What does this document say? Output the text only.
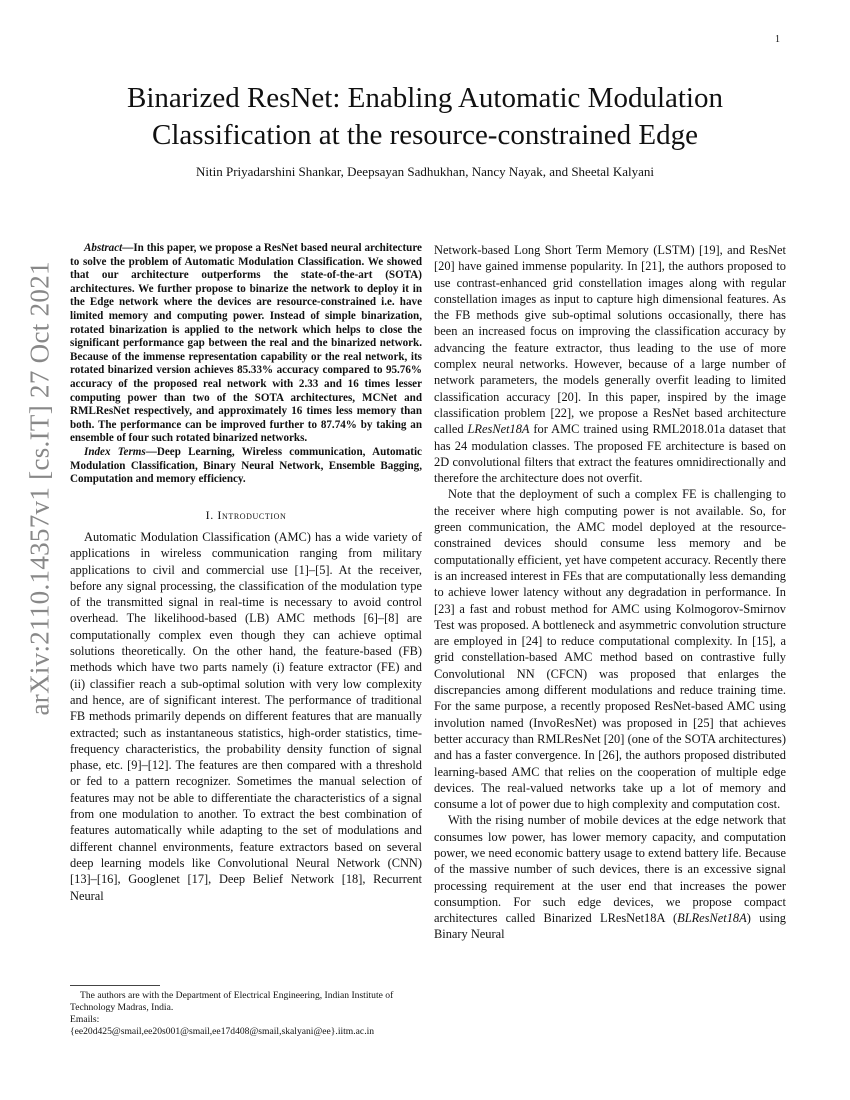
1
arXiv:2110.14357v1 [cs.IT] 27 Oct 2021
Binarized ResNet: Enabling Automatic Modulation Classification at the resource-constrained Edge
Nitin Priyadarshini Shankar, Deepsayan Sadhukhan, Nancy Nayak, and Sheetal Kalyani

Abstract—In this paper, we propose a ResNet based neural architecture to solve the problem of Automatic Modulation Classification. We showed that our architecture outperforms the state-of-the-art (SOTA) architectures. We further propose to binarize the network to deploy it in the Edge network where the devices are resource-constrained i.e. have limited memory and computing power. Instead of simple binarization, rotated binarization is applied to the network which helps to close the significant performance gap between the real and the binarized network. Because of the immense representation capability or the real network, its rotated binarized version achieves 85.33% accuracy compared to 95.76% accuracy of the proposed real network with 2.33 and 16 times lesser computing power than two of the SOTA architectures, MCNet and RMLResNet respectively, and approximately 16 times less memory than both. The performance can be improved further to 87.74% by taking an ensemble of four such rotated binarized networks.

Index Terms—Deep Learning, Wireless communication, Automatic Modulation Classification, Binary Neural Network, Ensemble Bagging, Computation and memory efficiency.

I. Introduction

Automatic Modulation Classification (AMC) has a wide variety of applications in wireless communication ranging from military applications to civil and commercial use [1]–[5]. At the receiver, before any signal processing, the classification of the modulation type of the transmitted signal in real-time is necessary to avoid control overhead. The likelihood-based (LB) AMC methods [6]–[8] are computationally complex even though they can achieve optimal solutions theoretically. On the other hand, the feature-based (FB) methods which have two parts namely (i) feature extractor (FE) and (ii) classifier reach a sub-optimal solution with very low complexity and hence, are of significant interest. The performance of traditional FB methods primarily depends on different features that are manually extracted; such as instantaneous statistics, high-order statistics, time-frequency characteristics, the probability density function of signal phase, etc. [9]–[12]. The features are then compared with a threshold or fed to a pattern recognizer. Sometimes the manual selection of features may not be able to differentiate the characteristics of a signal from one modulation to another. To extract the best combination of features automatically while adapting to the set of modulations and different channel environments, feature extractors based on several deep learning models like Convolutional Neural Network (CNN) [13]–[16], Googlenet [17], Deep Belief Network [18], Recurrent Neural

Network-based Long Short Term Memory (LSTM) [19], and ResNet [20] have gained immense popularity. In [21], the authors proposed to use contrast-enhanced grid constellation images along with regular constellation images as input to capture high dimensional features. As the FB methods give sub-optimal solutions occasionally, there has been an increased focus on improving the classification accuracy by advancing the feature extractor, thus leading to the use of more complex neural networks. However, because of a large number of network parameters, the models generally overfit leading to limited classification accuracy [20]. In this paper, inspired by the image classification problem [22], we propose a ResNet based architecture called LResNet18A for AMC trained using RML2018.01a dataset that has 24 modulation classes. The proposed FE architecture is based on 2D convolutional filters that extract the features omnidirectionally and therefore the architecture does not overfit.

Note that the deployment of such a complex FE is challenging to the receiver where high computing power is not available. So, for green communication, the AMC model deployed at the resource-constrained devices should consume less memory and be computationally efficient, yet have competent accuracy. Recently there is an increased interest in FEs that are computationally less demanding to achieve lower latency without any degradation in performance. In [23] a fast and robust method for AMC using Kolmogorov-Smirnov Test was proposed. A bottleneck and asymmetric convolution structure are employed in [24] to reduce computational complexity. In [15], a grid constellation-based AMC method based on contrastive fully Convolutional NN (CFCN) was proposed that enlarges the discrepancies among different modulations and reduce training time. For the same purpose, a recently proposed ResNet-based AMC using involution named (InvoResNet) was proposed in [25] that achieves better accuracy than RMLResNet [20] (one of the SOTA architectures) and has a faster convergence. In [26], the authors proposed distributed learning-based AMC that relies on the cooperation of multiple edge devices. The real-valued networks take up a lot of memory and consume a lot of power due to high complexity and computation cost.

With the rising number of mobile devices at the edge network that consumes low power, has lower memory capacity, and computation power, we need economic battery usage to extend battery life. Because of the massive number of such devices, there is an excessive signal processing requirement at the user end that increases the power consumption. For such edge devices, we propose compact architectures called Binarized LResNet18A (BLResNet18A) using Binary Neural

The authors are with the Department of Electrical Engineering, Indian Institute of Technology Madras, India.
Emails:
{ee20d425@smail,ee20s001@smail,ee17d408@smail,skalyani@ee}.iitm.ac.in
